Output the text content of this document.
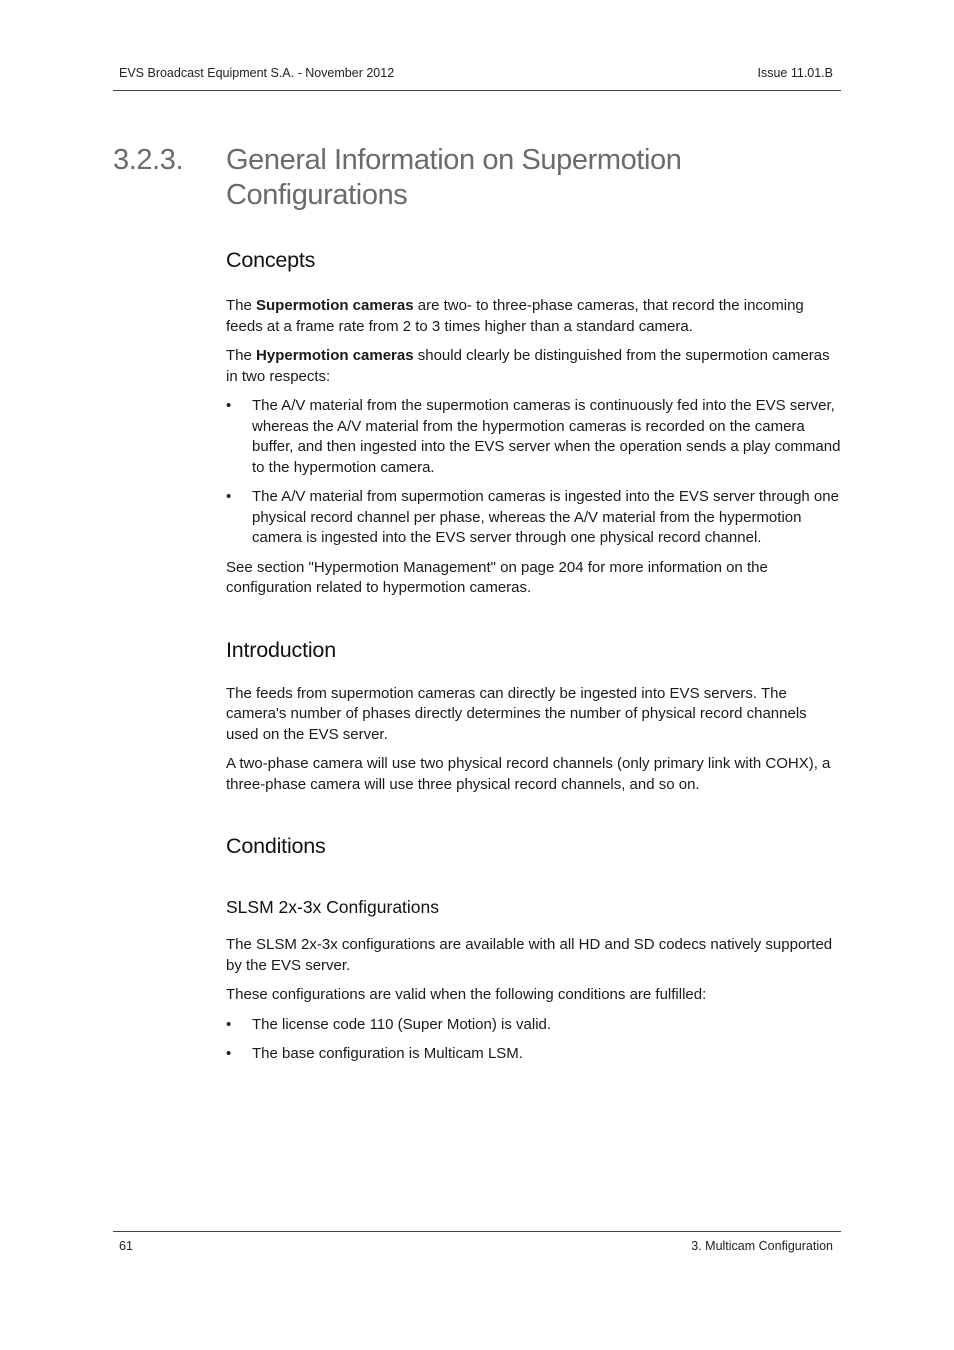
EVS Broadcast Equipment S.A. - November 2012	Issue 11.01.B
3.2.3. General Information on Supermotion Configurations
Concepts

The Supermotion cameras are two- to three-phase cameras, that record the incoming feeds at a frame rate from 2 to 3 times higher than a standard camera.

The Hypermotion cameras should clearly be distinguished from the supermotion cameras in two respects:

• The A/V material from the supermotion cameras is continuously fed into the EVS server, whereas the A/V material from the hypermotion cameras is recorded on the camera buffer, and then ingested into the EVS server when the operation sends a play command to the hypermotion camera.
• The A/V material from supermotion cameras is ingested into the EVS server through one physical record channel per phase, whereas the A/V material from the hypermotion camera is ingested into the EVS server through one physical record channel.

See section "Hypermotion Management" on page 204 for more information on the configuration related to hypermotion cameras.

Introduction

The feeds from supermotion cameras can directly be ingested into EVS servers. The camera's number of phases directly determines the number of physical record channels used on the EVS server.

A two-phase camera will use two physical record channels (only primary link with COHX), a three-phase camera will use three physical record channels, and so on.

Conditions
SLSM 2x-3x Configurations

The SLSM 2x-3x configurations are available with all HD and SD codecs natively supported by the EVS server.

These configurations are valid when the following conditions are fulfilled:

• The license code 110 (Super Motion) is valid.
• The base configuration is Multicam LSM.
61	3. Multicam Configuration
